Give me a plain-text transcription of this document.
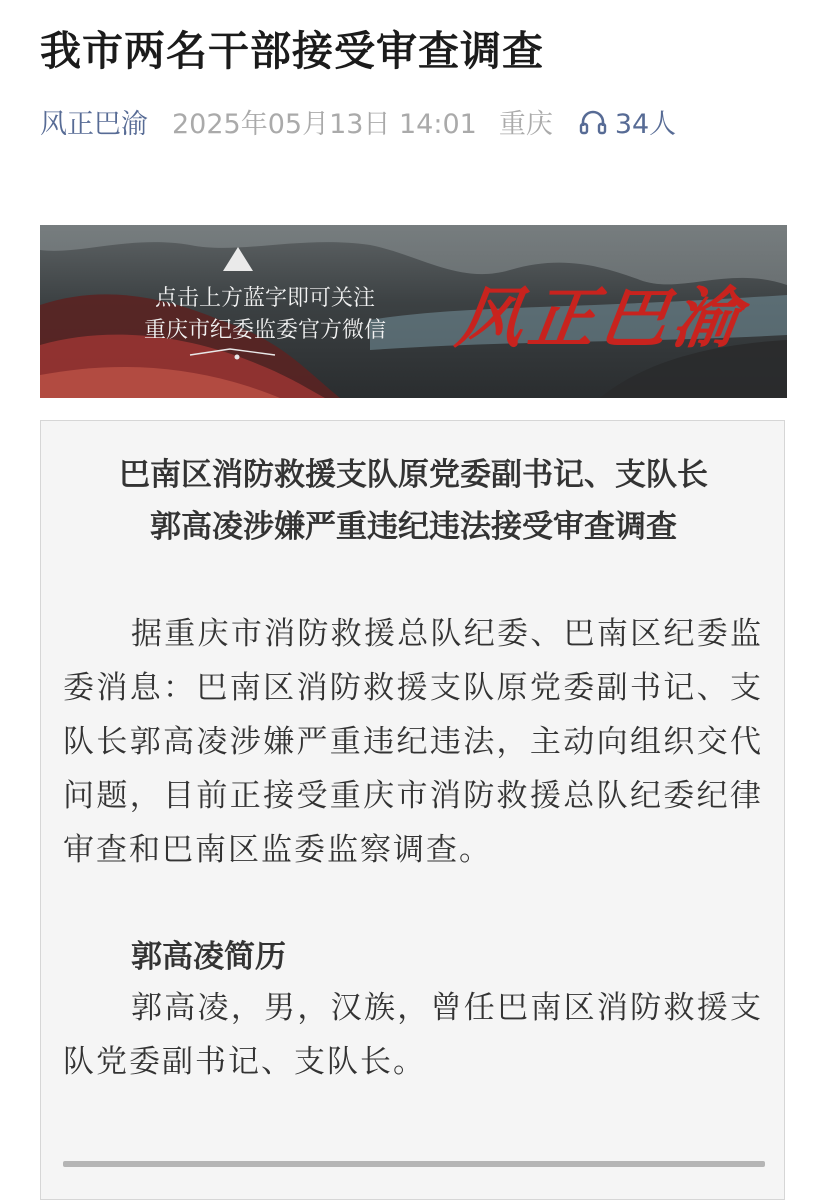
我市两名干部接受审查调查
风正巴渝 2025年05月13日 14:01 重庆 34人
点击上方蓝字即可关注
重庆市纪委监委官方微信 风正巴渝
巴南区消防救援支队原党委副书记、支队长
郭高凌涉嫌严重违纪违法接受审查调查

据重庆市消防救援总队纪委、巴南区纪委监委消息：巴南区消防救援支队原党委副书记、支队长郭高凌涉嫌严重违纪违法，主动向组织交代问题，目前正接受重庆市消防救援总队纪委纪律审查和巴南区监委监察调查。

郭高凌简历

郭高凌，男，汉族，曾任巴南区消防救援支队党委副书记、支队长。
